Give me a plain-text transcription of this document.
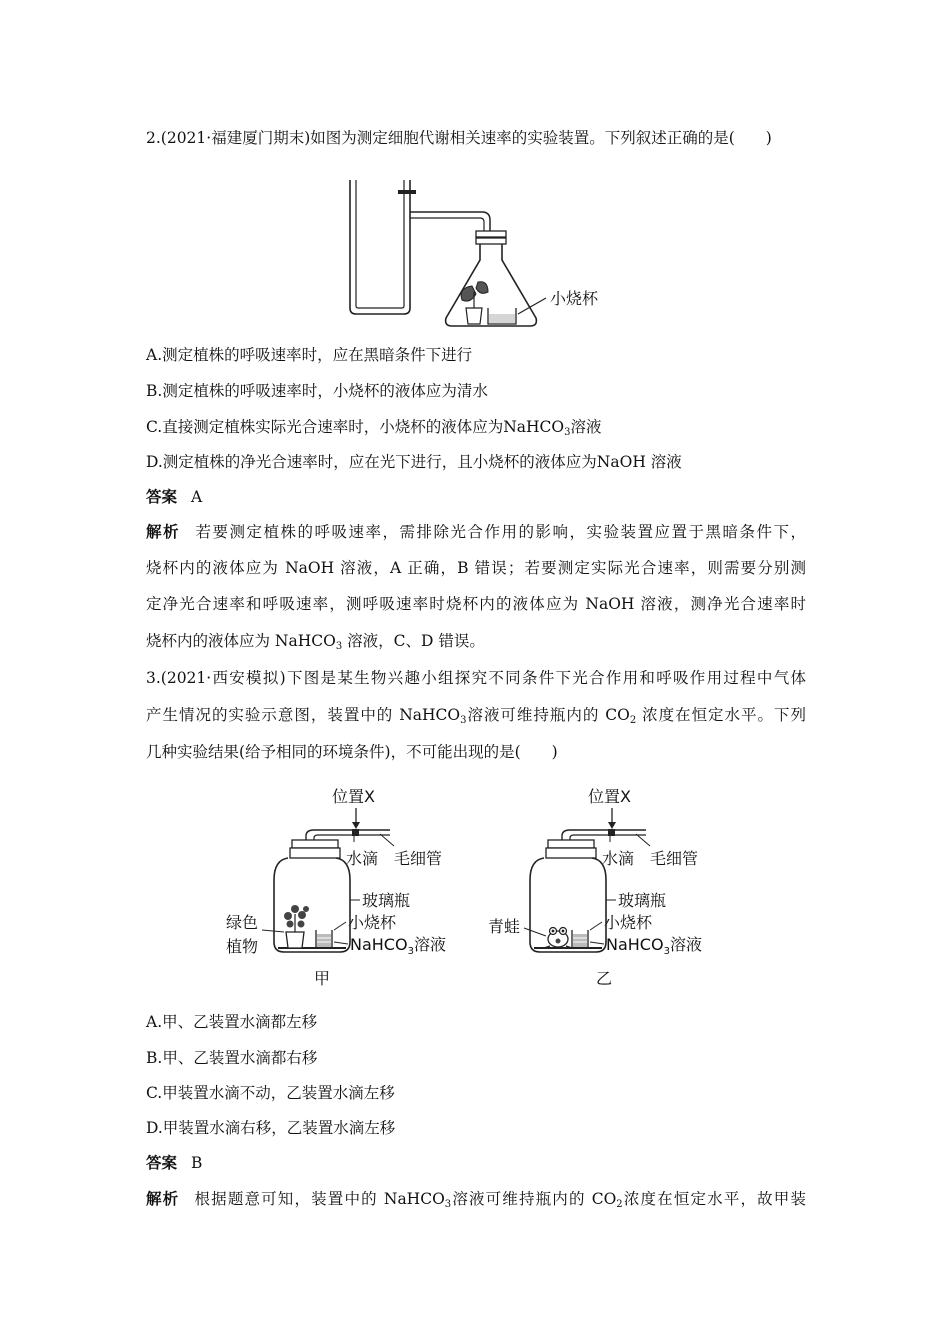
2.(2021·福建厦门期末)如图为测定细胞代谢相关速率的实验装置。下列叙述正确的是(　　)
小烧杯
A.测定植株的呼吸速率时，应在黑暗条件下进行
B.测定植株的呼吸速率时，小烧杯的液体应为清水
C.直接测定植株实际光合速率时，小烧杯的液体应为NaHCO$_3$溶液
D.测定植株的净光合速率时，应在光下进行，且小烧杯的液体应为NaOH 溶液
答案 A
解析 若要测定植株的呼吸速率，需排除光合作用的影响，实验装置应置于黑暗条件下，
烧杯内的液体应为 NaOH 溶液，A 正确，B 错误；若要测定实际光合速率，则需要分别测
定净光合速率和呼吸速率，测呼吸速率时烧杯内的液体应为 NaOH 溶液，测净光合速率时
烧杯内的液体应为 NaHCO$_3$ 溶液，C、D 错误。
3.(2021·西安模拟)下图是某生物兴趣小组探究不同条件下光合作用和呼吸作用过程中气体
产生情况的实验示意图，装置中的 NaHCO$_3$溶液可维持瓶内的 $CO_2$ 浓度在恒定水平。下列
几种实验结果(给予相同的环境条件)，不可能出现的是(　　)
位置X
水滴 毛细管
玻璃瓶
小烧杯
NaHCO$_3$溶液
绿色
植物
甲
位置X
水滴 毛细管
玻璃瓶
小烧杯
NaHCO$_3$溶液
青蛙
乙
A.甲、乙装置水滴都左移
B.甲、乙装置水滴都右移
C.甲装置水滴不动，乙装置水滴左移
D.甲装置水滴右移，乙装置水滴左移
答案 B
解析 根据题意可知，装置中的 NaHCO$_3$溶液可维持瓶内的 $CO_2$浓度在恒定水平，故甲装
